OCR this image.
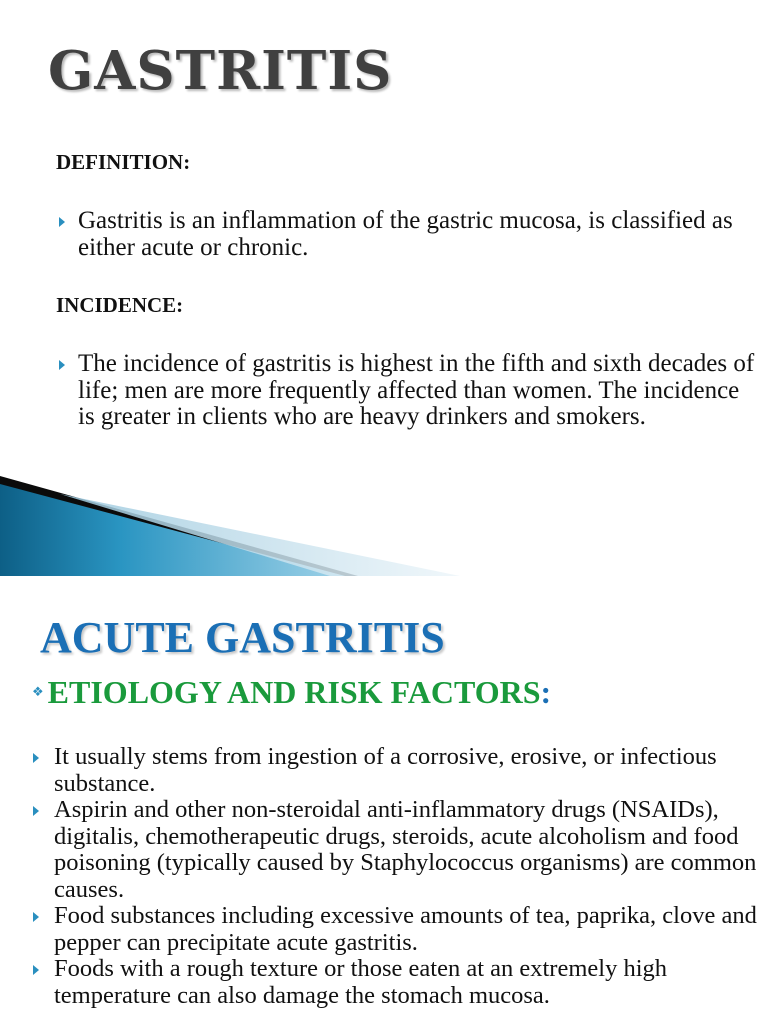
GASTRITIS

DEFINITION:

Gastritis is an inflammation of the gastric mucosa, is classified as either acute or chronic.

INCIDENCE:

The incidence of gastritis is highest in the fifth and sixth decades of life; men are more frequently affected than women. The incidence is greater in clients who are heavy drinkers and smokers.
ACUTE GASTRITIS
❖ ETIOLOGY AND RISK FACTORS :
It usually stems from ingestion of a corrosive, erosive, or infectious substance.
Aspirin and other non-steroidal anti-inflammatory drugs (NSAIDs), digitalis, chemotherapeutic drugs, steroids, acute alcoholism and food poisoning (typically caused by Staphylococcus organisms) are common causes.
Food substances including excessive amounts of tea, paprika, clove and pepper can precipitate acute gastritis.
Foods with a rough texture or those eaten at an extremely high temperature can also damage the stomach mucosa.
